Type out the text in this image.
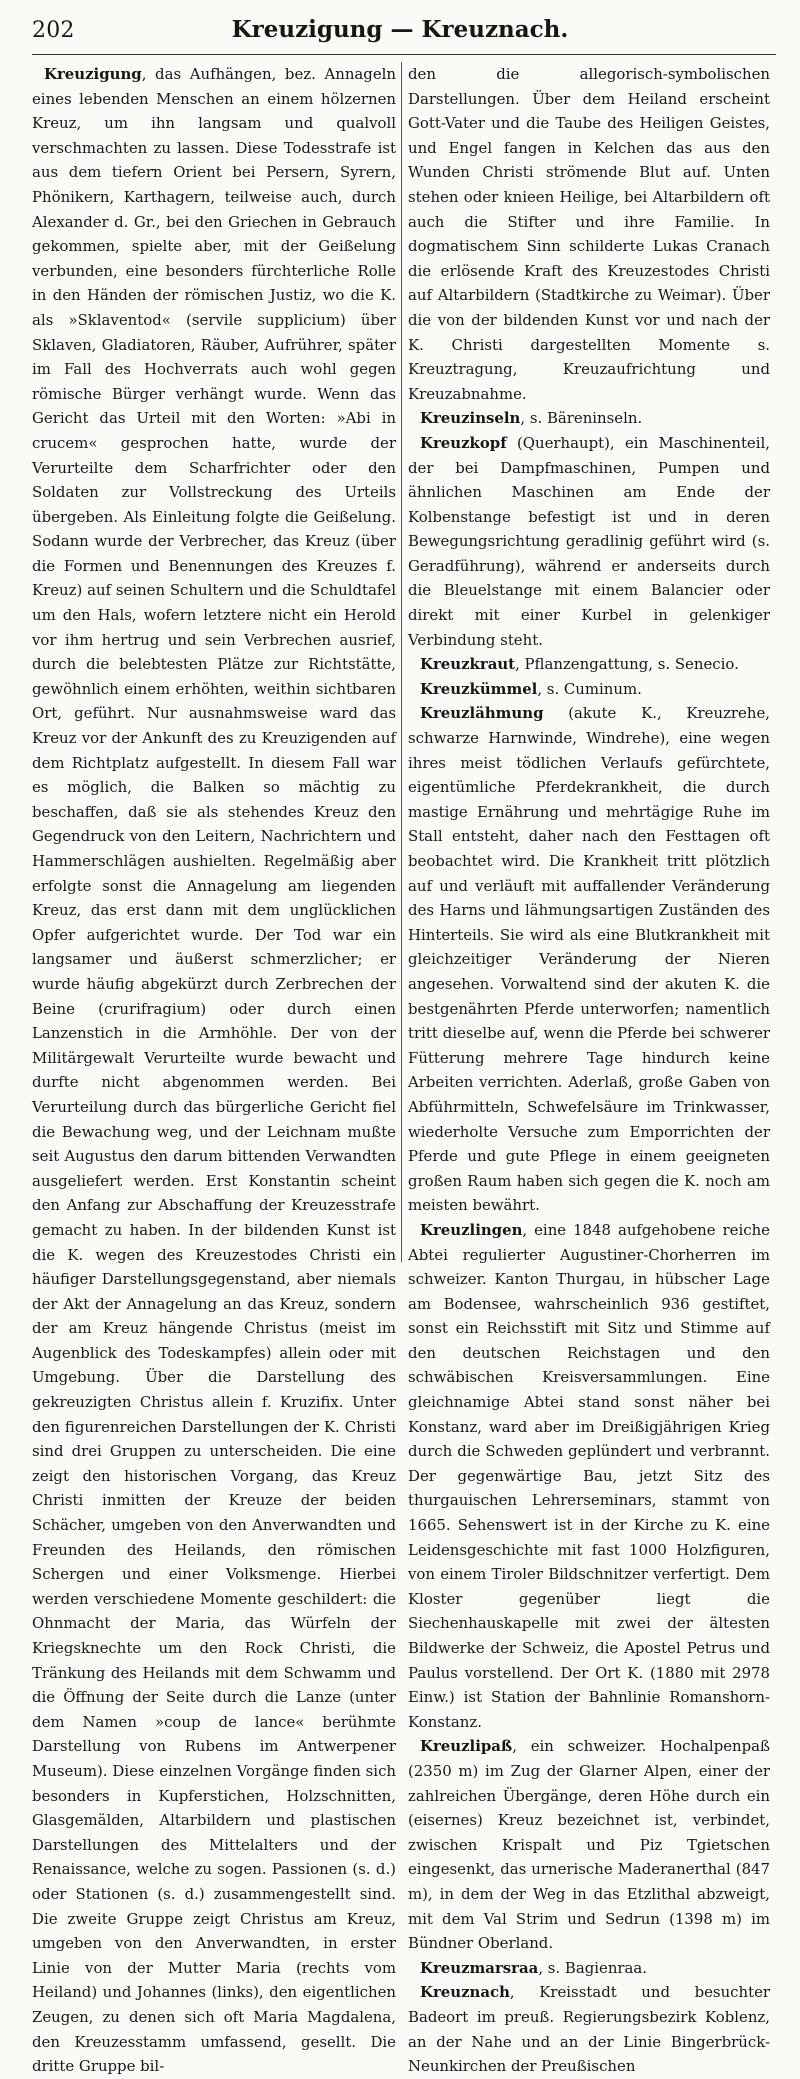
202	Kreuzigung — Kreuznach.

Kreuzigung, das Aufhängen, bez. Annageln eines lebenden Menschen an einem hölzernen Kreuz, um ihn langsam und qualvoll verschmachten zu lassen. Diese Todesstrafe ist aus dem tiefern Orient bei Persern, Syrern, Phönikern, Karthagern, teilweise auch, durch Alexander d. Gr., bei den Griechen in Gebrauch gekommen, spielte aber, mit der Geißelung verbunden, eine besonders fürchterliche Rolle in den Händen der römischen Justiz, wo die K. als »Sklaventod« (servile supplicium) über Sklaven, Gladiatoren, Räuber, Aufrührer, später im Fall des Hochverrats auch wohl gegen römische Bürger verhängt wurde. Wenn das Gericht das Urteil mit den Worten: »Abi in crucem« gesprochen hatte, wurde der Verurteilte dem Scharfrichter oder den Soldaten zur Vollstreckung des Urteils übergeben. Als Einleitung folgte die Geißelung. Sodann wurde der Verbrecher, das Kreuz (über die Formen und Benennungen des Kreuzes f. Kreuz) auf seinen Schultern und die Schuldtafel um den Hals, wofern letztere nicht ein Herold vor ihm hertrug und sein Verbrechen ausrief, durch die belebtesten Plätze zur Richtstätte, gewöhnlich einem erhöhten, weithin sichtbaren Ort, geführt. Nur ausnahmsweise ward das Kreuz vor der Ankunft des zu Kreuzigenden auf dem Richtplatz aufgestellt. In diesem Fall war es möglich, die Balken so mächtig zu beschaffen, daß sie als stehendes Kreuz den Gegendruck von den Leitern, Nachrichtern und Hammerschlägen aushielten. Regelmäßig aber erfolgte sonst die Annagelung am liegenden Kreuz, das erst dann mit dem unglücklichen Opfer aufgerichtet wurde. Der Tod war ein langsamer und äußerst schmerzlicher; er wurde häufig abgekürzt durch Zerbrechen der Beine (crurifragium) oder durch einen Lanzenstich in die Armhöhle. Der von der Militärgewalt Verurteilte wurde bewacht und durfte nicht abgenommen werden. Bei Verurteilung durch das bürgerliche Gericht fiel die Bewachung weg, und der Leichnam mußte seit Augustus den darum bittenden Verwandten ausgeliefert werden. Erst Konstantin scheint den Anfang zur Abschaffung der Kreuzesstrafe gemacht zu haben. In der bildenden Kunst ist die K. wegen des Kreuzestodes Christi ein häufiger Darstellungsgegenstand, aber niemals der Akt der Annagelung an das Kreuz, sondern der am Kreuz hängende Christus (meist im Augenblick des Todeskampfes) allein oder mit Umgebung. Über die Darstellung des gekreuzigten Christus allein f. Kruzifix. Unter den figurenreichen Darstellungen der K. Christi sind drei Gruppen zu unterscheiden. Die eine zeigt den historischen Vorgang, das Kreuz Christi inmitten der Kreuze der beiden Schächer, umgeben von den Anverwandten und Freunden des Heilands, den römischen Schergen und einer Volksmenge. Hierbei werden verschiedene Momente geschildert: die Ohnmacht der Maria, das Würfeln der Kriegsknechte um den Rock Christi, die Tränkung des Heilands mit dem Schwamm und die Öffnung der Seite durch die Lanze (unter dem Namen »coup de lance« berühmte Darstellung von Rubens im Antwerpener Museum). Diese einzelnen Vorgänge finden sich besonders in Kupferstichen, Holzschnitten, Glasgemälden, Altarbildern und plastischen Darstellungen des Mittelalters und der Renaissance, welche zu sogen. Passionen (s. d.) oder Stationen (s. d.) zusammengestellt sind. Die zweite Gruppe zeigt Christus am Kreuz, umgeben von den Anverwandten, in erster Linie von der Mutter Maria (rechts vom Heiland) und Johannes (links), den eigentlichen Zeugen, zu denen sich oft Maria Magdalena, den Kreuzesstamm umfassend, gesellt. Die dritte Gruppe bil-

den die allegorisch-symbolischen Darstellungen. Über dem Heiland erscheint Gott-Vater und die Taube des Heiligen Geistes, und Engel fangen in Kelchen das aus den Wunden Christi strömende Blut auf. Unten stehen oder knieen Heilige, bei Altarbildern oft auch die Stifter und ihre Familie. In dogmatischem Sinn schilderte Lukas Cranach die erlösende Kraft des Kreuzestodes Christi auf Altarbildern (Stadtkirche zu Weimar). Über die von der bildenden Kunst vor und nach der K. Christi dargestellten Momente s. Kreuztragung, Kreuzaufrichtung und Kreuzabnahme.

Kreuzinseln, s. Bäreninseln.

Kreuzkopf (Querhaupt), ein Maschinenteil, der bei Dampfmaschinen, Pumpen und ähnlichen Maschinen am Ende der Kolbenstange befestigt ist und in deren Bewegungsrichtung geradlinig geführt wird (s. Geradführung), während er anderseits durch die Bleuelstange mit einem Balancier oder direkt mit einer Kurbel in gelenkiger Verbindung steht.

Kreuzkraut, Pflanzengattung, s. Senecio.

Kreuzkümmel, s. Cuminum.

Kreuzlähmung (akute K., Kreuzrehe, schwarze Harnwinde, Windrehe), eine wegen ihres meist tödlichen Verlaufs gefürchtete, eigentümliche Pferdekrankheit, die durch mastige Ernährung und mehrtägige Ruhe im Stall entsteht, daher nach den Festtagen oft beobachtet wird. Die Krankheit tritt plötzlich auf und verläuft mit auffallender Veränderung des Harns und lähmungsartigen Zuständen des Hinterteils. Sie wird als eine Blutkrankheit mit gleichzeitiger Veränderung der Nieren angesehen. Vorwaltend sind der akuten K. die bestgenährten Pferde unterworfen; namentlich tritt dieselbe auf, wenn die Pferde bei schwerer Fütterung mehrere Tage hindurch keine Arbeiten verrichten. Aderlaß, große Gaben von Abführmitteln, Schwefelsäure im Trinkwasser, wiederholte Versuche zum Emporrichten der Pferde und gute Pflege in einem geeigneten großen Raum haben sich gegen die K. noch am meisten bewährt.

Kreuzlingen, eine 1848 aufgehobene reiche Abtei regulierter Augustiner-Chorherren im schweizer. Kanton Thurgau, in hübscher Lage am Bodensee, wahrscheinlich 936 gestiftet, sonst ein Reichsstift mit Sitz und Stimme auf den deutschen Reichstagen und den schwäbischen Kreisversammlungen. Eine gleichnamige Abtei stand sonst näher bei Konstanz, ward aber im Dreißigjährigen Krieg durch die Schweden geplündert und verbrannt. Der gegenwärtige Bau, jetzt Sitz des thurgauischen Lehrerseminars, stammt von 1665. Sehenswert ist in der Kirche zu K. eine Leidensgeschichte mit fast 1000 Holzfiguren, von einem Tiroler Bildschnitzer verfertigt. Dem Kloster gegenüber liegt die Siechenhauskapelle mit zwei der ältesten Bildwerke der Schweiz, die Apostel Petrus und Paulus vorstellend. Der Ort K. (1880 mit 2978 Einw.) ist Station der Bahnlinie Romanshorn-Konstanz.

Kreuzlipaß, ein schweizer. Hochalpenpaß (2350 m) im Zug der Glarner Alpen, einer der zahlreichen Übergänge, deren Höhe durch ein (eisernes) Kreuz bezeichnet ist, verbindet, zwischen Krispalt und Piz Tgietschen eingesenkt, das urnerische Maderanerthal (847 m), in dem der Weg in das Etzlithal abzweigt, mit dem Val Strim und Sedrun (1398 m) im Bündner Oberland.

Kreuzmarsraa, s. Bagienraa.

Kreuznach, Kreisstadt und besuchter Badeort im preuß. Regierungsbezirk Koblenz, an der Nahe und an der Linie Bingerbrück-Neunkirchen der Preußischen
